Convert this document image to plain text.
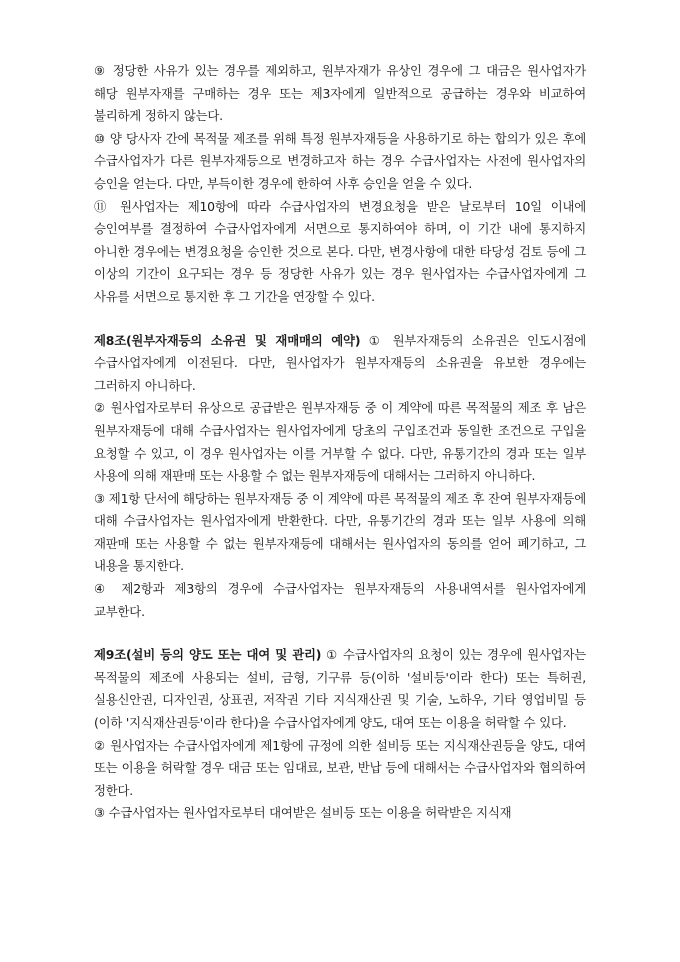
⑨ 정당한 사유가 있는 경우를 제외하고, 원부자재가 유상인 경우에 그 대금은 원사업자가 해당 원부자재를 구매하는 경우 또는 제3자에게 일반적으로 공급하는 경우와 비교하여 불리하게 정하지 않는다.

⑩ 양 당사자 간에 목적물 제조를 위해 특정 원부자재등을 사용하기로 하는 합의가 있은 후에 수급사업자가 다른 원부자재등으로 변경하고자 하는 경우 수급사업자는 사전에 원사업자의 승인을 얻는다. 다만, 부득이한 경우에 한하여 사후 승인을 얻을 수 있다.

⑪ 원사업자는 제10항에 따라 수급사업자의 변경요청을 받은 날로부터 10일 이내에 승인여부를 결정하여 수급사업자에게 서면으로 통지하여야 하며, 이 기간 내에 통지하지 아니한 경우에는 변경요청을 승인한 것으로 본다. 다만, 변경사항에 대한 타당성 검토 등에 그 이상의 기간이 요구되는 경우 등 정당한 사유가 있는 경우 원사업자는 수급사업자에게 그 사유를 서면으로 통지한 후 그 기간을 연장할 수 있다.

제8조(원부자재등의 소유권 및 재매매의 예약) ① 원부자재등의 소유권은 인도시점에 수급사업자에게 이전된다. 다만, 원사업자가 원부자재등의 소유권을 유보한 경우에는 그러하지 아니하다.

② 원사업자로부터 유상으로 공급받은 원부자재등 중 이 계약에 따른 목적물의 제조 후 남은 원부자재등에 대해 수급사업자는 원사업자에게 당초의 구입조건과 동일한 조건으로 구입을 요청할 수 있고, 이 경우 원사업자는 이를 거부할 수 없다. 다만, 유통기간의 경과 또는 일부 사용에 의해 재판매 또는 사용할 수 없는 원부자재등에 대해서는 그러하지 아니하다.

③ 제1항 단서에 해당하는 원부자재등 중 이 계약에 따른 목적물의 제조 후 잔여 원부자재등에 대해 수급사업자는 원사업자에게 반환한다. 다만, 유통기간의 경과 또는 일부 사용에 의해 재판매 또는 사용할 수 없는 원부자재등에 대해서는 원사업자의 동의를 얻어 폐기하고, 그 내용을 통지한다.

④ 제2항과 제3항의 경우에 수급사업자는 원부자재등의 사용내역서를 원사업자에게 교부한다.

제9조(설비 등의 양도 또는 대여 및 관리) ① 수급사업자의 요청이 있는 경우에 원사업자는 목적물의 제조에 사용되는 설비, 금형, 기구류 등(이하 '설비등'이라 한다) 또는 특허권, 실용신안권, 디자인권, 상표권, 저작권 기타 지식재산권 및 기술, 노하우, 기타 영업비밀 등(이하 '지식재산권등'이라 한다)을 수급사업자에게 양도, 대여 또는 이용을 허락할 수 있다.

② 원사업자는 수급사업자에게 제1항에 규정에 의한 설비등 또는 지식재산권등을 양도, 대여 또는 이용을 허락할 경우 대금 또는 임대료, 보관, 반납 등에 대해서는 수급사업자와 협의하여 정한다.

③ 수급사업자는 원사업자로부터 대여받은 설비등 또는 이용을 허락받은 지식재
